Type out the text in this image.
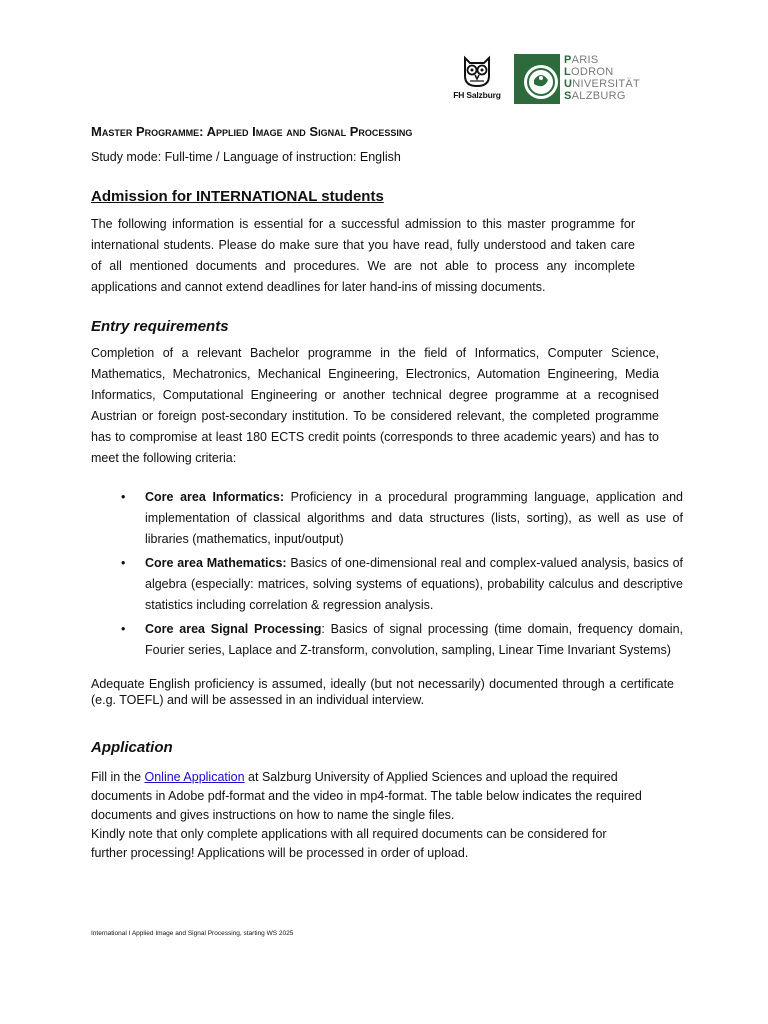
FH Salzburg
PARIS
LODRON
UNIVERSITÄT
SALZBURG
Master Programme: Applied Image and Signal Processing
Study mode: Full-time / Language of instruction: English
Admission for INTERNATIONAL students

The following information is essential for a successful admission to this master programme for international students. Please do make sure that you have read, fully understood and taken care of all mentioned documents and procedures. We are not able to process any incomplete applications and cannot extend deadlines for later hand-ins of missing documents.

Entry requirements

Completion of a relevant Bachelor programme in the field of Informatics, Computer Science, Mathematics, Mechatronics, Mechanical Engineering, Electronics, Automation Engineering, Media Informatics, Computational Engineering or another technical degree programme at a recognised Austrian or foreign post-secondary institution. To be considered relevant, the completed programme has to compromise at least 180 ECTS credit points (corresponds to three academic years) and has to meet the following criteria:

• Core area Informatics: Proficiency in a procedural programming language, application and implementation of classical algorithms and data structures (lists, sorting), as well as use of libraries (mathematics, input/output)
• Core area Mathematics: Basics of one-dimensional real and complex-valued analysis, basics of algebra (especially: matrices, solving systems of equations), probability calculus and descriptive statistics including correlation & regression analysis.
• Core area Signal Processing: Basics of signal processing (time domain, frequency domain, Fourier series, Laplace and Z-transform, convolution, sampling, Linear Time Invariant Systems)

Adequate English proficiency is assumed, ideally (but not necessarily) documented through a certificate (e.g. TOEFL) and will be assessed in an individual interview.

Application

Fill in the Online Application at Salzburg University of Applied Sciences and upload the required documents in Adobe pdf-format and the video in mp4-format. The table below indicates the required documents and gives instructions on how to name the single files.
Kindly note that only complete applications with all required documents can be considered for further processing! Applications will be processed in order of upload.

International I Applied Image and Signal Processing, starting WS 2025
